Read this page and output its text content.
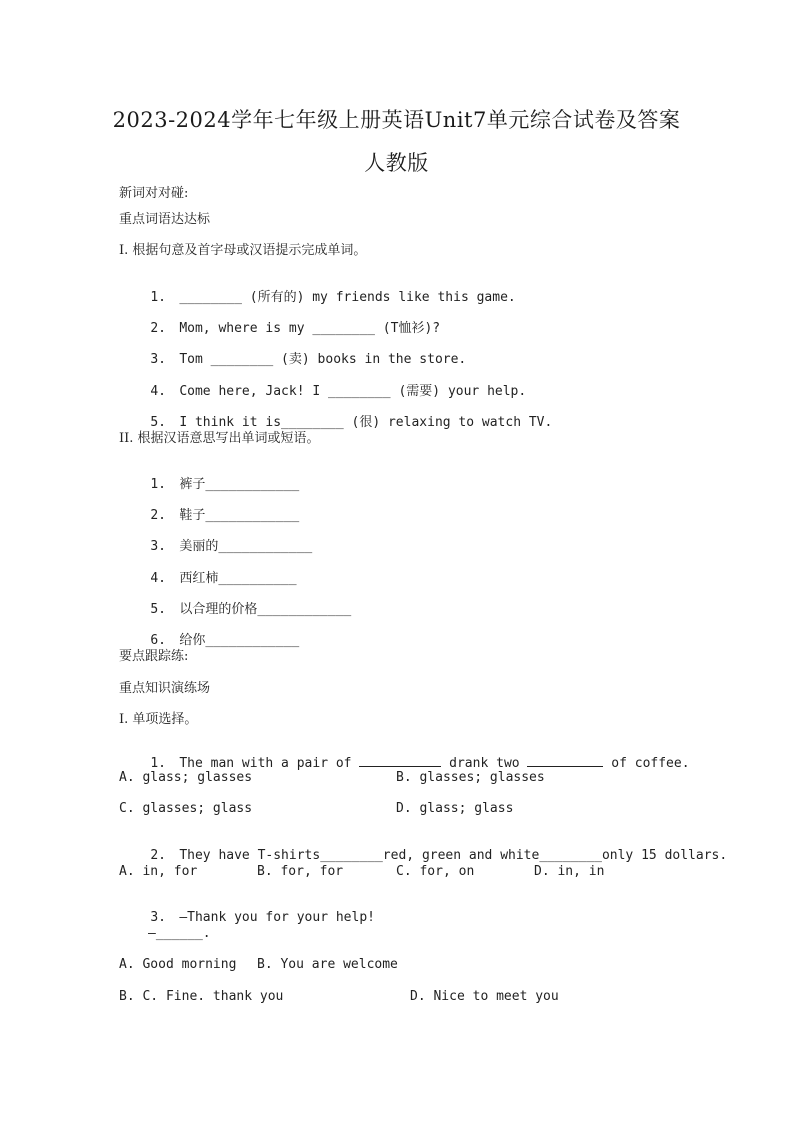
2023-2024学年七年级上册英语Unit7单元综合试卷及答案
人教版
新词对对碰:
重点词语达达标
I. 根据句意及首字母或汉语提示完成单词。

1. ________ (所有的) my friends like this game.

2. Mom, where is my ________ (T恤衫)?

3. Tom ________ (卖) books in the store.

4. Come here, Jack! I ________ (需要) your help.

5. I think it is________ (很) relaxing to watch TV.

II. 根据汉语意思写出单词或短语。

1. 裤子____________

2. 鞋子____________

3. 美丽的____________

4. 西红柿__________

5. 以合理的价格____________

6. 给你____________

要点跟踪练:
重点知识演练场
I. 单项选择。

1. The man with a pair of	drank two	of coffee.

A. glass; glasses	B. glasses; glasses
C. glasses; glass	D. glass; glass

2. They have T-shirts________red, green and white________only 15 dollars.

A. in, for	B. for, for	C. for, on	D. in, in

3. —Thank you for your help!

—______.
A. Good morning B. You are welcome
B. C. Fine. thank you	D. Nice to meet you
